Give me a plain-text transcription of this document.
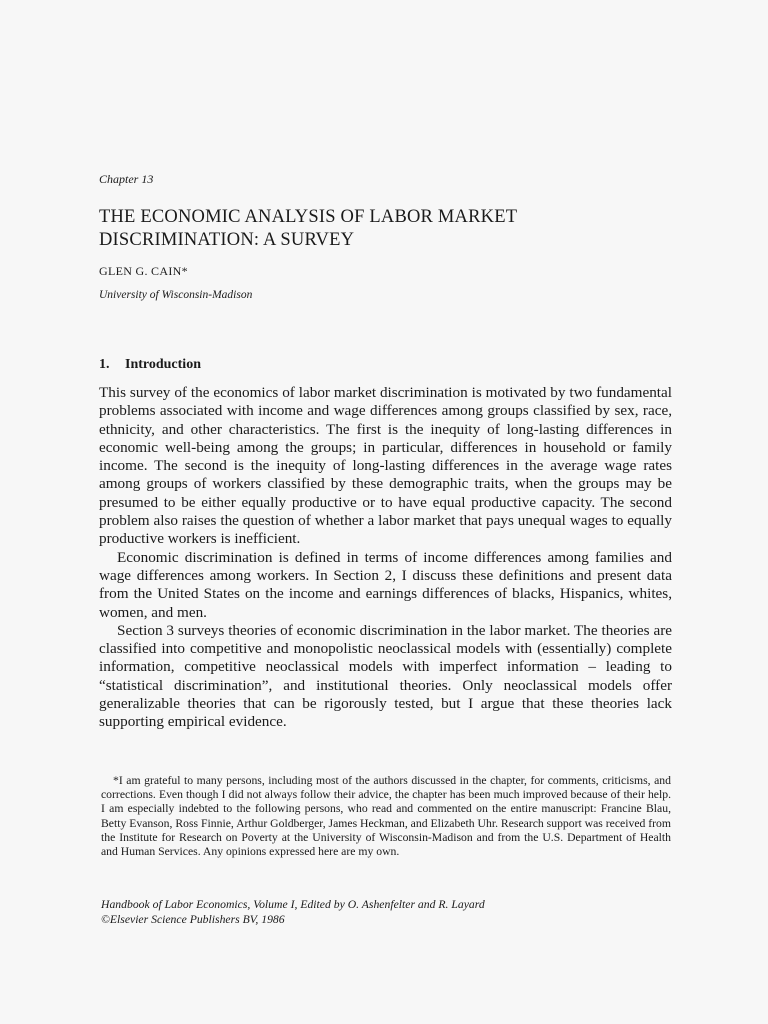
Chapter 13
THE ECONOMIC ANALYSIS OF LABOR MARKET
DISCRIMINATION: A SURVEY
GLEN G. CAIN*
University of Wisconsin-Madison
1. Introduction

This survey of the economics of labor market discrimination is motivated by two fundamental problems associated with income and wage differences among groups classified by sex, race, ethnicity, and other characteristics. The first is the inequity of long-lasting differences in economic well-being among the groups; in particular, differences in household or family income. The second is the inequity of long-lasting differences in the average wage rates among groups of workers classified by these demographic traits, when the groups may be presumed to be either equally productive or to have equal productive capacity. The second problem also raises the question of whether a labor market that pays unequal wages to equally productive workers is inefficient.

Economic discrimination is defined in terms of income differences among families and wage differences among workers. In Section 2, I discuss these definitions and present data from the United States on the income and earnings differences of blacks, Hispanics, whites, women, and men.

Section 3 surveys theories of economic discrimination in the labor market. The theories are classified into competitive and monopolistic neoclassical models with (essentially) complete information, competitive neoclassical models with imperfect information – leading to “statistical discrimination”, and institutional theories. Only neoclassical models offer generalizable theories that can be rigorously tested, but I argue that these theories lack supporting empirical evidence.

*I am grateful to many persons, including most of the authors discussed in the chapter, for comments, criticisms, and corrections. Even though I did not always follow their advice, the chapter has been much improved because of their help. I am especially indebted to the following persons, who read and commented on the entire manuscript: Francine Blau, Betty Evanson, Ross Finnie, Arthur Goldberger, James Heckman, and Elizabeth Uhr. Research support was received from the Institute for Research on Poverty at the University of Wisconsin-Madison and from the U.S. Department of Health and Human Services. Any opinions expressed here are my own.

Handbook of Labor Economics, Volume I, Edited by O. Ashenfelter and R. Layard
©Elsevier Science Publishers BV, 1986
